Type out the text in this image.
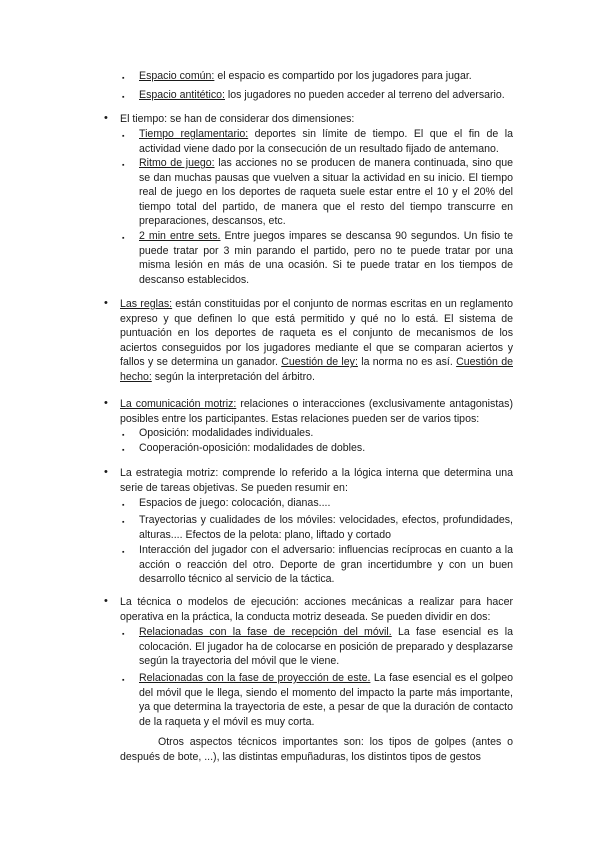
▪ Espacio común: el espacio es compartido por los jugadores para jugar.

▪ Espacio antitético: los jugadores no pueden acceder al terreno del adversario.

• El tiempo: se han de considerar dos dimensiones:

▪ Tiempo reglamentario: deportes sin límite de tiempo. El que el fin de la actividad viene dado por la consecución de un resultado fijado de antemano.

▪ Ritmo de juego: las acciones no se producen de manera continuada, sino que se dan muchas pausas que vuelven a situar la actividad en su inicio. El tiempo real de juego en los deportes de raqueta suele estar entre el 10 y el 20% del tiempo total del partido, de manera que el resto del tiempo transcurre en preparaciones, descansos, etc.

▪ 2 min entre sets. Entre juegos impares se descansa 90 segundos. Un fisio te puede tratar por 3 min parando el partido, pero no te puede tratar por una misma lesión en más de una ocasión. Si te puede tratar en los tiempos de descanso establecidos.

• Las reglas: están constituidas por el conjunto de normas escritas en un reglamento expreso y que definen lo que está permitido y qué no lo está. El sistema de puntuación en los deportes de raqueta es el conjunto de mecanismos de los aciertos conseguidos por los jugadores mediante el que se comparan aciertos y fallos y se determina un ganador. Cuestión de ley: la norma no es así. Cuestión de hecho: según la interpretación del árbitro.

• La comunicación motriz: relaciones o interacciones (exclusivamente antagonistas) posibles entre los participantes. Estas relaciones pueden ser de varios tipos:

▪ Oposición: modalidades individuales.

▪ Cooperación-oposición: modalidades de dobles.

• La estrategia motriz: comprende lo referido a la lógica interna que determina una serie de tareas objetivas. Se pueden resumir en:

▪ Espacios de juego: colocación, dianas....

▪ Trayectorias y cualidades de los móviles: velocidades, efectos, profundidades, alturas.... Efectos de la pelota: plano, liftado y cortado

▪ Interacción del jugador con el adversario: influencias recíprocas en cuanto a la acción o reacción del otro. Deporte de gran incertidumbre y con un buen desarrollo técnico al servicio de la táctica.

• La técnica o modelos de ejecución: acciones mecánicas a realizar para hacer operativa en la práctica, la conducta motriz deseada. Se pueden dividir en dos:

▪ Relacionadas con la fase de recepción del móvil. La fase esencial es la colocación. El jugador ha de colocarse en posición de preparado y desplazarse según la trayectoria del móvil que le viene.

▪ Relacionadas con la fase de proyección de este. La fase esencial es el golpeo del móvil que le llega, siendo el momento del impacto la parte más importante, ya que determina la trayectoria de este, a pesar de que la duración de contacto de la raqueta y el móvil es muy corta.

Otros aspectos técnicos importantes son: los tipos de golpes (antes o después de bote, ...), las distintas empuñaduras, los distintos tipos de gestos
